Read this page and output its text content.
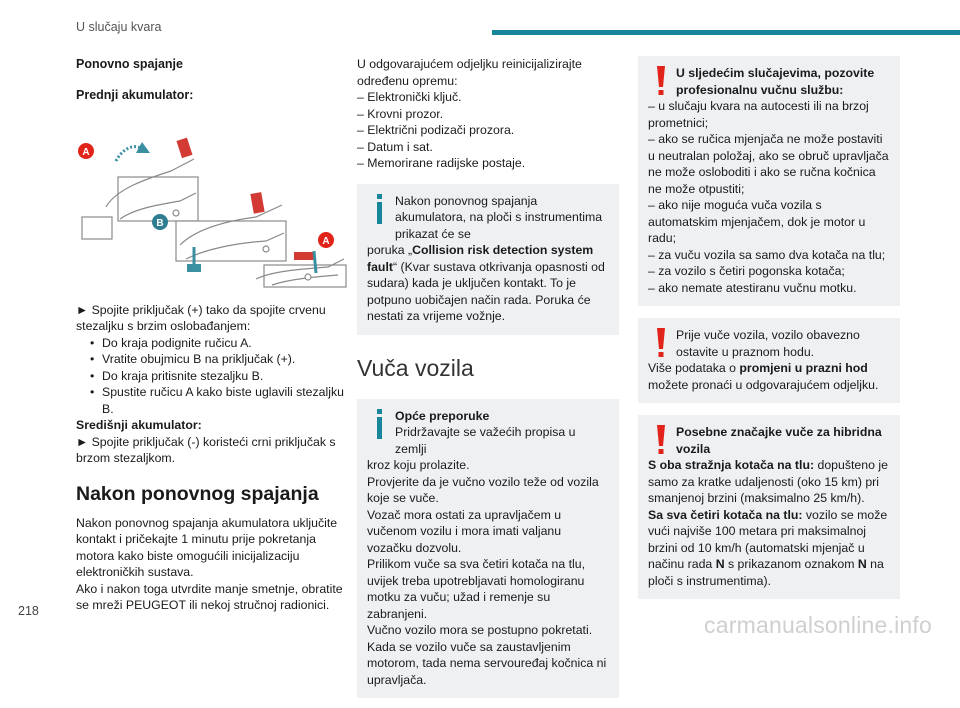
U slučaju kvara
Ponovno spajanje
Prednji akumulator:
A
B
A

► Spojite priključak (+) tako da spojite crvenu stezaljku s brzim oslobađanjem:

• Do kraja podignite ručicu A.
• Vratite obujmicu B na priključak (+).
• Do kraja pritisnite stezaljku B.
• Spustite ručicu A kako biste uglavili stezaljku B.

Središnji akumulator:

► Spojite priključak (-) koristeći crni priključak s brzom stezaljkom.

Nakon ponovnog spajanja

Nakon ponovnog spajanja akumulatora uključite kontakt i pričekajte 1 minutu prije pokretanja motora kako biste omogućili inicijalizaciju elektroničkih sustava.

Ako i nakon toga utvrdite manje smetnje, obratite se mreži PEUGEOT ili nekoj stručnoj radionici.

U odgovarajućem odjeljku reinicijalizirajte određenu opremu:

– Elektronički ključ.
– Krovni prozor.
– Električni podizači prozora.
– Datum i sat.
– Memorirane radijske postaje.
Nakon ponovnog spajanja akumulatora, na ploči s instrumentima prikazat će se

poruka „Collision risk detection system fault“ (Kvar sustava otkrivanja opasnosti od sudara) kada je uključen kontakt. To je potpuno uobičajen način rada. Poruka će nestati za vrijeme vožnje.

Vuča vozila
Opće preporuke
Pridržavajte se važećih propisa u zemlji

kroz koju prolazite.

Provjerite da je vučno vozilo teže od vozila koje se vuče.

Vozač mora ostati za upravljačem u vučenom vozilu i mora imati valjanu vozačku dozvolu.

Prilikom vuče sa sva četiri kotača na tlu, uvijek treba upotrebljavati homologiranu motku za vuču; užad i remenje su zabranjeni.

Vučno vozilo mora se postupno pokretati.

Kada se vozilo vuče sa zaustavljenim motorom, tada nema servouređaj kočnica ni upravljača.

U sljedećim slučajevima, pozovite profesionalnu vučnu službu:
– u slučaju kvara na autocesti ili na brzoj prometnici;
– ako se ručica mjenjača ne može postaviti u neutralan položaj, ako se obruč upravljača ne može osloboditi i ako se ručna kočnica ne može otpustiti;
– ako nije moguća vuča vozila s automatskim mjenjačem, dok je motor u radu;
– za vuču vozila sa samo dva kotača na tlu;
– za vozilo s četiri pogonska kotača;
– ako nemate atestiranu vučnu motku.
Prije vuče vozila, vozilo obavezno ostavite u praznom hodu.

Više podataka o promjeni u prazni hod možete pronaći u odgovarajućem odjeljku.

Posebne značajke vuče za hibridna vozila

S oba stražnja kotača na tlu: dopušteno je samo za kratke udaljenosti (oko 15 km) pri smanjenoj brzini (maksimalno 25 km/h).

Sa sva četiri kotača na tlu: vozilo se može vući najviše 100 metara pri maksimalnoj brzini od 10 km/h (automatski mjenjač u načinu rada N s prikazanom oznakom N na ploči s instrumentima).

218
carmanualsonline.info
